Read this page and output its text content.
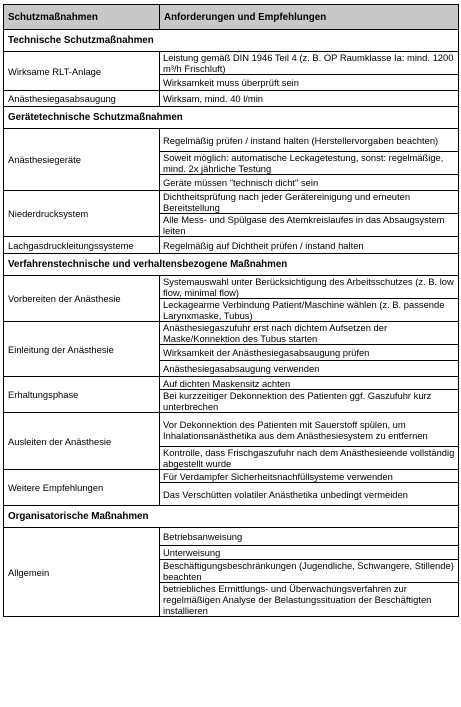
Schutzmaßnahmen	Anforderungen und Empfehlungen
Technische Schutzmaßnahmen	
Wirksame RLT-Anlage	Leistung gemäß DIN 1946 Teil 4 (z. B. OP Raumklasse Ia: mind. 1200 m³/h Frischluft)
	Wirksamkeit muss überprüft sein
Anästhesiegasabsaugung	Wirksam, mind. 40 l/min
Gerätetechnische Schutzmaßnahmen	
Anästhesiegeräte	Regelmäßig prüfen / instand halten (Herstellervorgaben beachten)
	Soweit möglich: automatische Leckagetestung, sonst: regelmäßige, mind. 2x jährliche Testung
	Geräte müssen "technisch dicht" sein
Niederdrucksystem	Dichtheitsprüfung nach jeder Gerätereinigung und erneuten Bereitstellung
	Alle Mess- und Spülgase des Atemkreislaufes in das Absaugsystem leiten
Lachgasdruckleitungssysteme	Regelmäßig auf Dichtheit prüfen / instand halten
Verfahrenstechnische und verhaltensbezogene Maßnahmen	
Vorbereiten der Anästhesie	Systemauswahl unter Berücksichtigung des Arbeitsschutzes (z. B. low flow, minimal flow)
	Leckagearme Verbindung Patient/Maschine wählen (z. B. passende Larynxmaske, Tubus)
Einleitung der Anästhesie	Anästhesiegaszufuhr erst nach dichtem Aufsetzen der Maske/Konnektion des Tubus starten
	Wirksamkeit der Anästhesiegasabsaugung prüfen
	Anästhesiegasabsaugung verwenden
Erhaltungsphase	Auf dichten Maskensitz achten
	Bei kurzzeitiger Dekonnektion des Patienten ggf. Gaszufuhr kurz unterbrechen
Ausleiten der Anästhesie	Vor Dekonnektion des Patienten mit Sauerstoff spülen, um Inhalationsanästhetika aus dem Anästhesiesystem zu entfernen
	Kontrolle, dass Frischgaszufuhr nach dem Anästhesieende vollständig abgestellt wurde
Weitere Empfehlungen	Für Verdampfer Sicherheitsnachfüllsysteme verwenden
	Das Verschütten volatiler Anästhetika unbedingt vermeiden
Organisatorische Maßnahmen	
Allgemein	Betriebsanweisung
	Unterweisung
	Beschäftigungsbeschränkungen (Jugendliche, Schwangere, Stillende) beachten
	betriebliches Ermittlungs- und Überwachungsverfahren zur regelmäßigen Analyse der Belastungssituation der Beschäftigten installieren
